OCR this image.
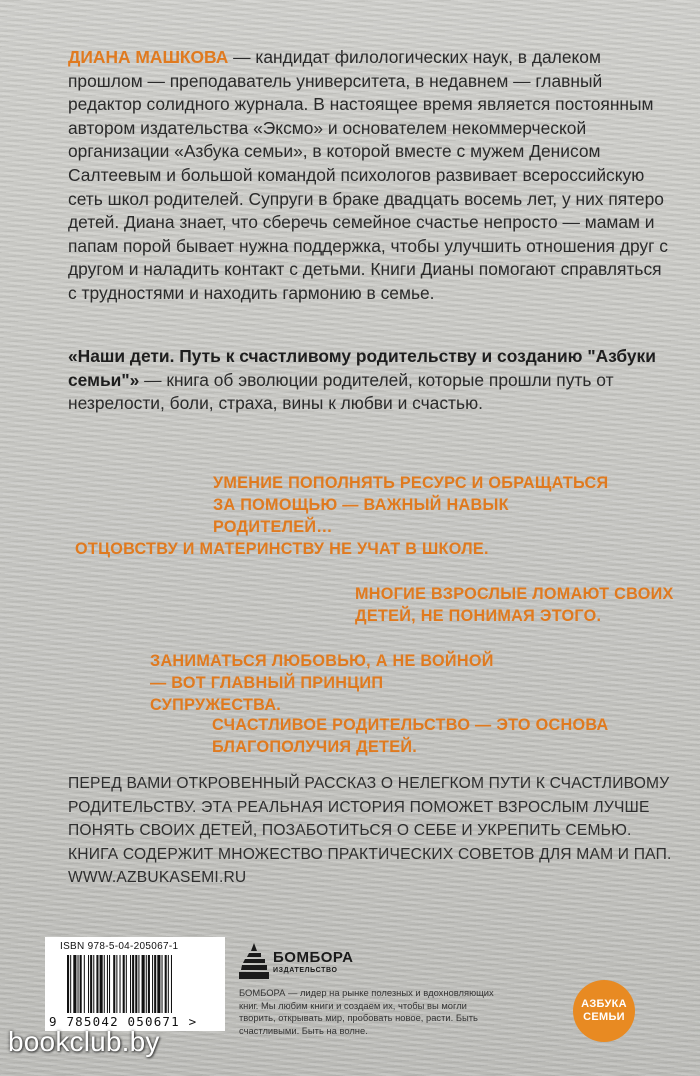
ДИАНА МАШКОВА — кандидат филологических наук, в далеком прошлом — преподаватель университета, в недавнем — главный редактор солидного журнала. В настоящее время является постоянным автором издательства «Эксмо» и основателем некоммерческой организации «Азбука семьи», в которой вместе с мужем Денисом Салтеевым и большой командой психологов развивает всероссийскую сеть школ родителей. Супруги в браке двадцать восемь лет, у них пятеро детей. Диана знает, что сберечь семейное счастье непросто — мамам и папам порой бывает нужна поддержка, чтобы улучшить отношения друг с другом и наладить контакт с детьми. Книги Дианы помогают справляться с трудностями и находить гармонию в семье.

«Наши дети. Путь к счастливому родительству и созданию "Азбуки семьи"» — книга об эволюции родителей, которые прошли путь от незрелости, боли, страха, вины к любви и счастью.

УМЕНИЕ ПОПОЛНЯТЬ РЕСУРС И ОБРАЩАТЬСЯ ЗА ПОМОЩЬЮ — ВАЖНЫЙ НАВЫК РОДИТЕЛЕЙ…

ОТЦОВСТВУ И МАТЕРИНСТВУ НЕ УЧАТ В ШКОЛЕ.

МНОГИЕ ВЗРОСЛЫЕ ЛОМАЮТ СВОИХ ДЕТЕЙ, НЕ ПОНИМАЯ ЭТОГО.

ЗАНИМАТЬСЯ ЛЮБОВЬЮ, А НЕ ВОЙНОЙ — ВОТ ГЛАВНЫЙ ПРИНЦИП СУПРУЖЕСТВА.

СЧАСТЛИВОЕ РОДИТЕЛЬСТВО — ЭТО ОСНОВА БЛАГОПОЛУЧИЯ ДЕТЕЙ.

ПЕРЕД ВАМИ ОТКРОВЕННЫЙ РАССКАЗ О НЕЛЕГКОМ ПУТИ К СЧАСТЛИВОМУ РОДИТЕЛЬСТВУ. ЭТА РЕАЛЬНАЯ ИСТОРИЯ ПОМОЖЕТ ВЗРОСЛЫМ ЛУЧШЕ ПОНЯТЬ СВОИХ ДЕТЕЙ, ПОЗАБОТИТЬСЯ О СЕБЕ И УКРЕПИТЬ СЕМЬЮ. КНИГА СОДЕРЖИТ МНОЖЕСТВО ПРАКТИЧЕСКИХ СОВЕТОВ ДЛЯ МАМ И ПАП.
WWW.AZBUKASEMI.RU

ISBN 978-5-04-205067-1
9 785042 050671 >
БОМБОРА
ИЗДАТЕЛЬСТВО

БОМБОРА — лидер на рынке полезных и вдохновляющих книг. Мы любим книги и создаем их, чтобы вы могли творить, открывать мир, пробовать новое, расти. Быть счастливыми. Быть на волне.

АЗБУКА
СЕМЬИ
bookclub.by
